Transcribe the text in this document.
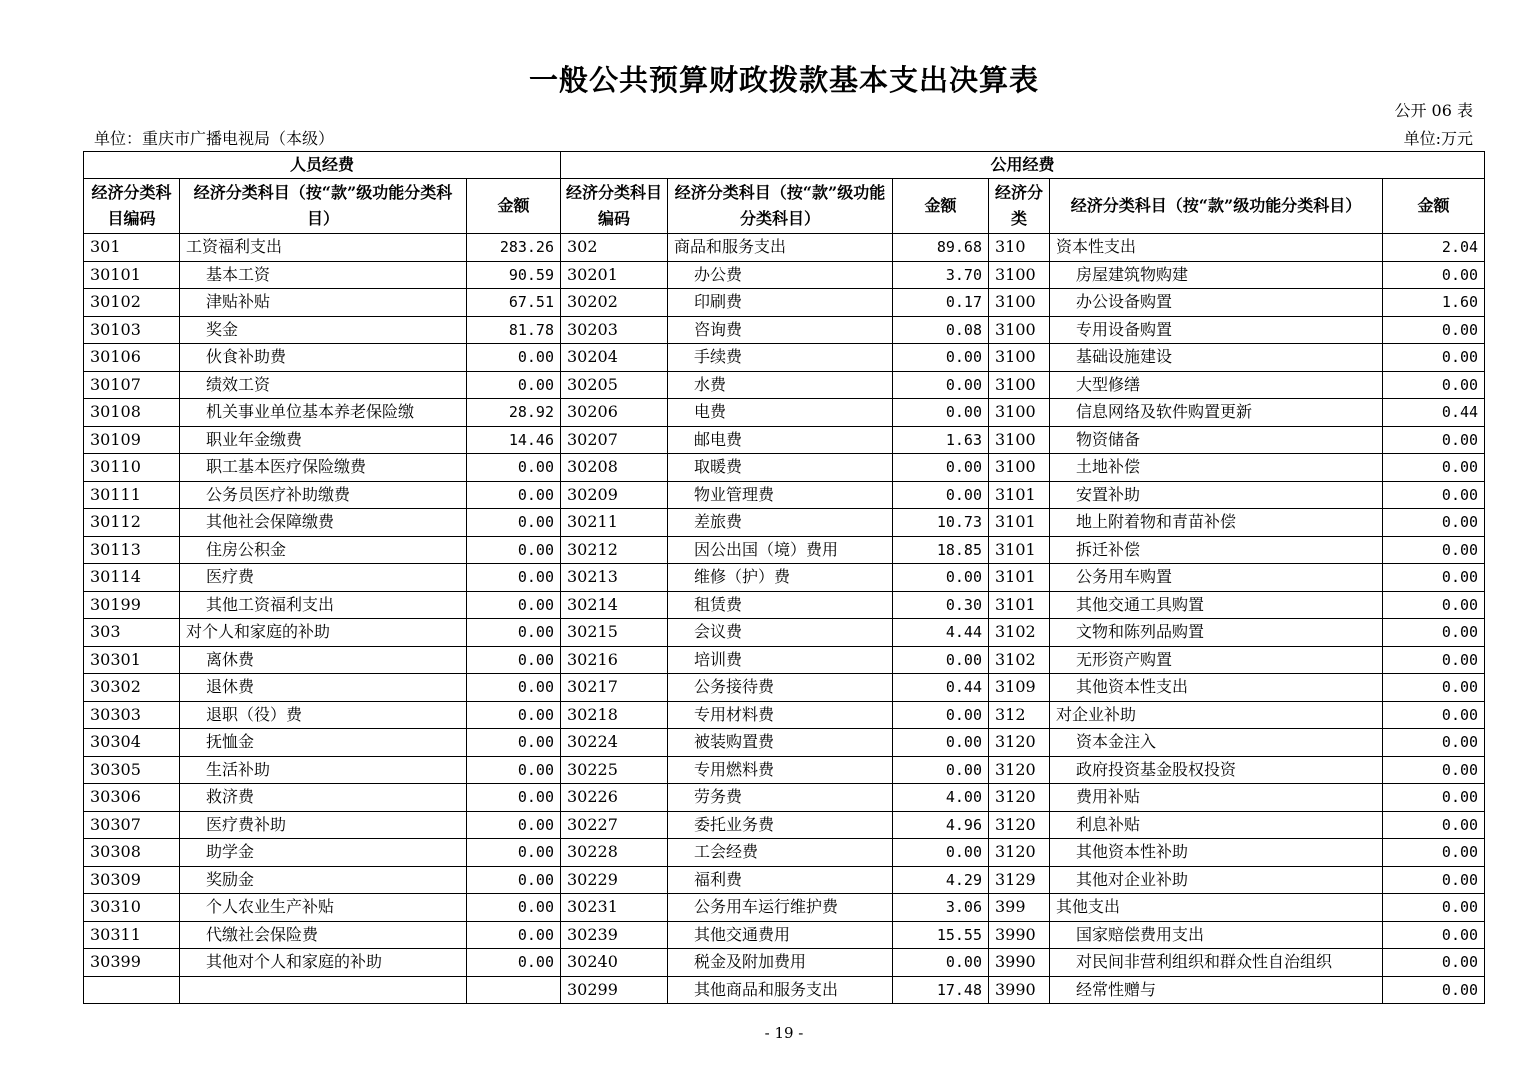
一般公共预算财政拨款基本支出决算表
公开 06 表
单位：重庆市广播电视局（本级）	单位:万元
人员经费			公用经费					
经济分类科目编码	经济分类科目（按“款”级功能分类科目）	金额	经济分类科目编码	经济分类科目（按“款”级功能分类科目）	金额	经济分类	经济分类科目（按“款”级功能分类科目）	金额
301	工资福利支出	283.26	302	商品和服务支出	89.68	310	资本性支出	2.04
30101	基本工资	90.59	30201	办公费	3.70	3100	房屋建筑物购建	0.00
30102	津贴补贴	67.51	30202	印刷费	0.17	3100	办公设备购置	1.60
30103	奖金	81.78	30203	咨询费	0.08	3100	专用设备购置	0.00
30106	伙食补助费	0.00	30204	手续费	0.00	3100	基础设施建设	0.00
30107	绩效工资	0.00	30205	水费	0.00	3100	大型修缮	0.00
30108	机关事业单位基本养老保险缴	28.92	30206	电费	0.00	3100	信息网络及软件购置更新	0.44
30109	职业年金缴费	14.46	30207	邮电费	1.63	3100	物资储备	0.00
30110	职工基本医疗保险缴费	0.00	30208	取暖费	0.00	3100	土地补偿	0.00
30111	公务员医疗补助缴费	0.00	30209	物业管理费	0.00	3101	安置补助	0.00
30112	其他社会保障缴费	0.00	30211	差旅费	10.73	3101	地上附着物和青苗补偿	0.00
30113	住房公积金	0.00	30212	因公出国（境）费用	18.85	3101	拆迁补偿	0.00
30114	医疗费	0.00	30213	维修（护）费	0.00	3101	公务用车购置	0.00
30199	其他工资福利支出	0.00	30214	租赁费	0.30	3101	其他交通工具购置	0.00
303	对个人和家庭的补助	0.00	30215	会议费	4.44	3102	文物和陈列品购置	0.00
30301	离休费	0.00	30216	培训费	0.00	3102	无形资产购置	0.00
30302	退休费	0.00	30217	公务接待费	0.44	3109	其他资本性支出	0.00
30303	退职（役）费	0.00	30218	专用材料费	0.00	312	对企业补助	0.00
30304	抚恤金	0.00	30224	被装购置费	0.00	3120	资本金注入	0.00
30305	生活补助	0.00	30225	专用燃料费	0.00	3120	政府投资基金股权投资	0.00
30306	救济费	0.00	30226	劳务费	4.00	3120	费用补贴	0.00
30307	医疗费补助	0.00	30227	委托业务费	4.96	3120	利息补贴	0.00
30308	助学金	0.00	30228	工会经费	0.00	3120	其他资本性补助	0.00
30309	奖励金	0.00	30229	福利费	4.29	3129	其他对企业补助	0.00
30310	个人农业生产补贴	0.00	30231	公务用车运行维护费	3.06	399	其他支出	0.00
30311	代缴社会保险费	0.00	30239	其他交通费用	15.55	3990	国家赔偿费用支出	0.00
30399	其他对个人和家庭的补助	0.00	30240	税金及附加费用	0.00	3990	对民间非营利组织和群众性自治组织	0.00
			30299	其他商品和服务支出	17.48	3990	经常性赠与	0.00
- 19 -
